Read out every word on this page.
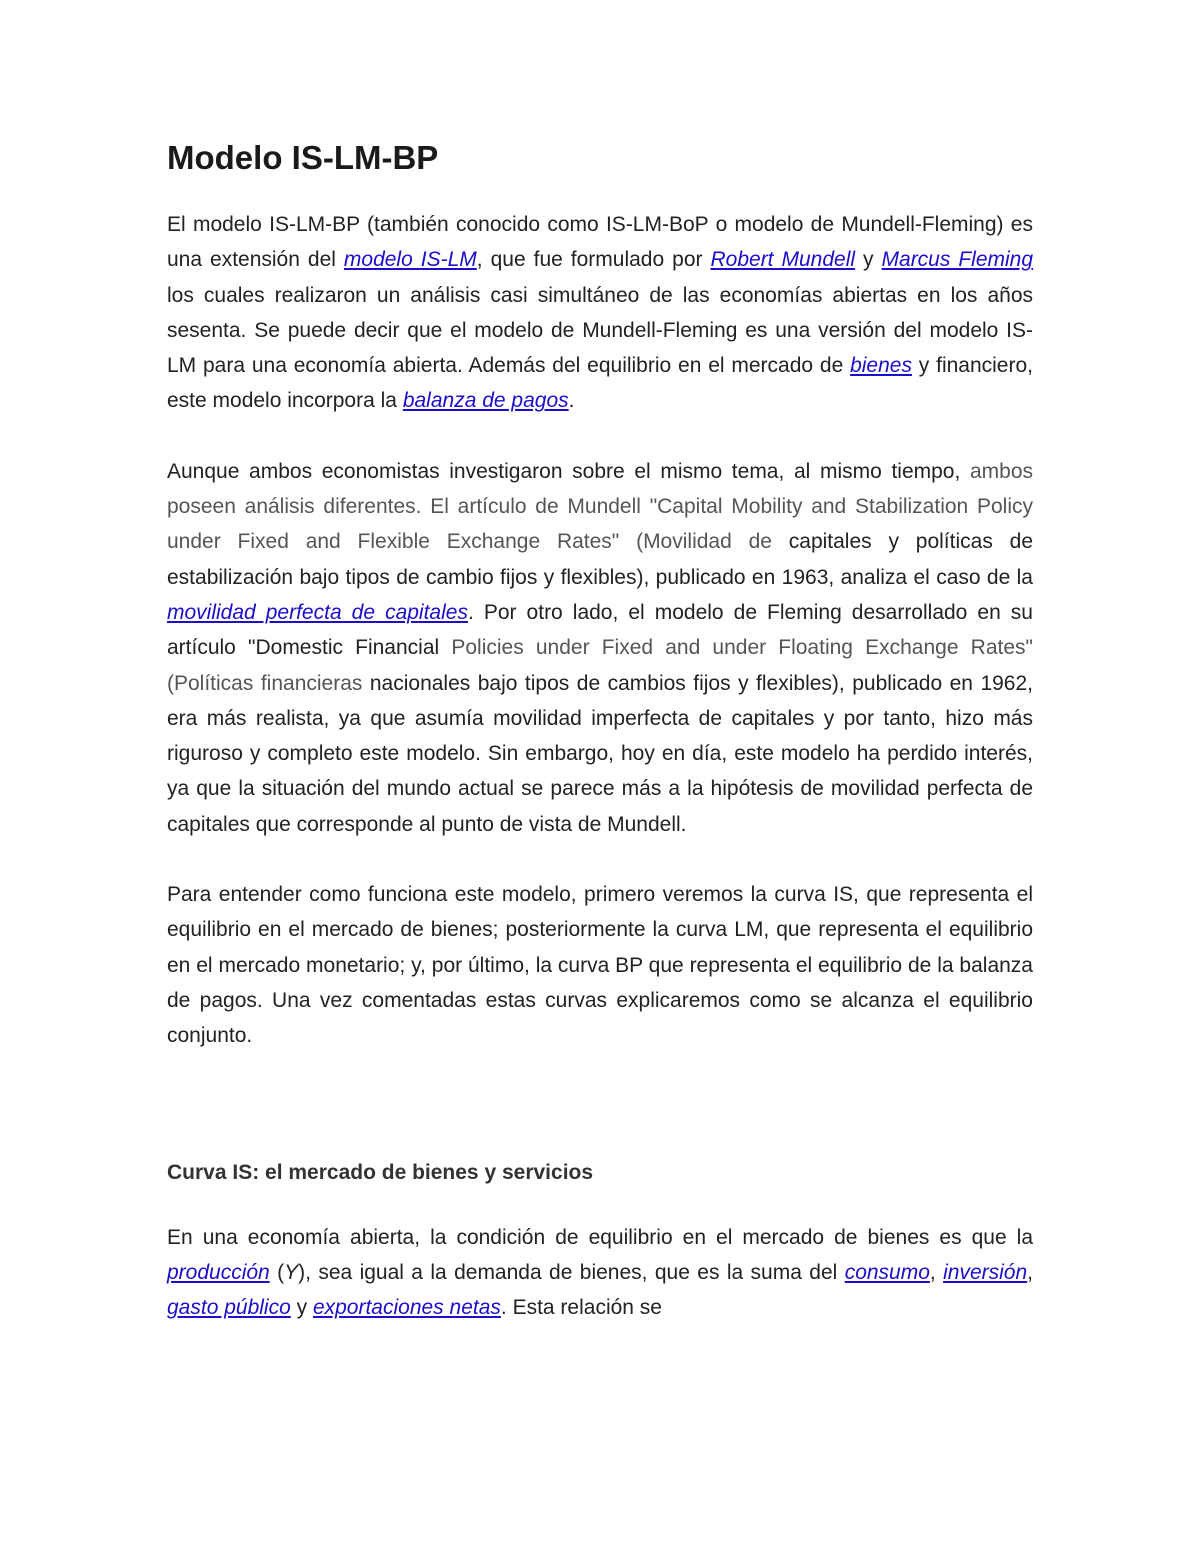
Modelo IS-LM-BP

El modelo IS-LM-BP (también conocido como IS-LM-BoP o modelo de Mundell-Fleming) es una extensión del modelo IS-LM, que fue formulado por Robert Mundell y Marcus Fleming los cuales realizaron un análisis casi simultáneo de las economías abiertas en los años sesenta. Se puede decir que el modelo de Mundell-Fleming es una versión del modelo IS-LM para una economía abierta. Además del equilibrio en el mercado de bienes y financiero, este modelo incorpora la balanza de pagos.

Aunque ambos economistas investigaron sobre el mismo tema, al mismo tiempo, ambos poseen análisis diferentes. El artículo de Mundell "Capital Mobility and Stabilization Policy under Fixed and Flexible Exchange Rates" (Movilidad de capitales y políticas de estabilización bajo tipos de cambio fijos y flexibles), publicado en 1963, analiza el caso de la movilidad perfecta de capitales. Por otro lado, el modelo de Fleming desarrollado en su artículo "Domestic Financial Policies under Fixed and under Floating Exchange Rates" (Políticas financieras nacionales bajo tipos de cambios fijos y flexibles), publicado en 1962, era más realista, ya que asumía movilidad imperfecta de capitales y por tanto, hizo más riguroso y completo este modelo. Sin embargo, hoy en día, este modelo ha perdido interés, ya que la situación del mundo actual se parece más a la hipótesis de movilidad perfecta de capitales que corresponde al punto de vista de Mundell.

Para entender como funciona este modelo, primero veremos la curva IS, que representa el equilibrio en el mercado de bienes; posteriormente la curva LM, que representa el equilibrio en el mercado monetario; y, por último, la curva BP que representa el equilibrio de la balanza de pagos. Una vez comentadas estas curvas explicaremos como se alcanza el equilibrio conjunto.

Curva IS: el mercado de bienes y servicios

En una economía abierta, la condición de equilibrio en el mercado de bienes es que la producción (Y), sea igual a la demanda de bienes, que es la suma del consumo, inversión, gasto público y exportaciones netas. Esta relación se
